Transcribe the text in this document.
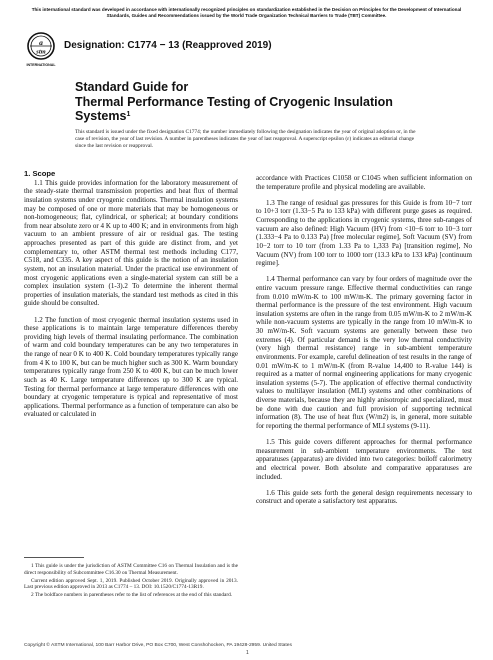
This international standard was developed in accordance with internationally recognized principles on standardization established in the Decision on Principles for the Development of International Standards, Guides and Recommendations issued by the World Trade Organization Technical Barriers to Trade (TBT) Committee.
a
stm
INTERNATIONAL
Designation: C1774 − 13 (Reapproved 2019)
Standard Guide for
Thermal Performance Testing of Cryogenic Insulation
Systems$^1$
This standard is issued under the fixed designation C1774; the number immediately following the designation indicates the year of original adoption or, in the case of revision, the year of last revision. A number in parentheses indicates the year of last reapproval. A superscript epsilon (ε) indicates an editorial change since the last revision or reapproval.

1. Scope

1.1 This guide provides information for the laboratory measurement of the steady-state thermal transmission properties and heat flux of thermal insulation systems under cryogenic conditions. Thermal insulation systems may be composed of one or more materials that may be homogeneous or non-homogeneous; flat, cylindrical, or spherical; at boundary conditions from near absolute zero or 4 K up to 400 K; and in environments from high vacuum to an ambient pressure of air or residual gas. The testing approaches presented as part of this guide are distinct from, and yet complementary to, other ASTM thermal test methods including C177, C518, and C335. A key aspect of this guide is the notion of an insulation system, not an insulation material. Under the practical use environment of most cryogenic applications even a single-material system can still be a complex insulation system (1-3).2 To determine the inherent thermal properties of insulation materials, the standard test methods as cited in this guide should be consulted.

1.2 The function of most cryogenic thermal insulation systems used in these applications is to maintain large temperature differences thereby providing high levels of thermal insulating performance. The combination of warm and cold boundary temperatures can be any two temperatures in the range of near 0 K to 400 K. Cold boundary temperatures typically range from 4 K to 100 K, but can be much higher such as 300 K. Warm boundary temperatures typically range from 250 K to 400 K, but can be much lower such as 40 K. Large temperature differences up to 300 K are typical. Testing for thermal performance at large temperature differences with one boundary at cryogenic temperature is typical and representative of most applications. Thermal performance as a function of temperature can also be evaluated or calculated in

accordance with Practices C1058 or C1045 when sufficient information on the temperature profile and physical modeling are available.

1.3 The range of residual gas pressures for this Guide is from 10−7 torr to 10+3 torr (1.33−5 Pa to 133 kPa) with different purge gases as required. Corresponding to the applications in cryogenic systems, three sub-ranges of vacuum are also defined: High Vacuum (HV) from <10−6 torr to 10−3 torr (1.333−4 Pa to 0.133 Pa) [free molecular regime], Soft Vacuum (SV) from 10−2 torr to 10 torr (from 1.33 Pa to 1,333 Pa) [transition regime], No Vacuum (NV) from 100 torr to 1000 torr (13.3 kPa to 133 kPa) [continuum regime].

1.4 Thermal performance can vary by four orders of magnitude over the entire vacuum pressure range. Effective thermal conductivities can range from 0.010 mW/m-K to 100 mW/m-K. The primary governing factor in thermal performance is the pressure of the test environment. High vacuum insulation systems are often in the range from 0.05 mW/m-K to 2 mW/m-K while non-vacuum systems are typically in the range from 10 mW/m-K to 30 mW/m-K. Soft vacuum systems are generally between these two extremes (4). Of particular demand is the very low thermal conductivity (very high thermal resistance) range in sub-ambient temperature environments. For example, careful delineation of test results in the range of 0.01 mW/m-K to 1 mW/m-K (from R-value 14,400 to R-value 144) is required as a matter of normal engineering applications for many cryogenic insulation systems (5-7). The application of effective thermal conductivity values to multilayer insulation (MLI) systems and other combinations of diverse materials, because they are highly anisotropic and specialized, must be done with due caution and full provision of supporting technical information (8). The use of heat flux (W/m2) is, in general, more suitable for reporting the thermal performance of MLI systems (9-11).

1.5 This guide covers different approaches for thermal performance measurement in sub-ambient temperature environments. The test apparatuses (apparatus) are divided into two categories: boiloff calorimetry and electrical power. Both absolute and comparative apparatuses are included.

1.6 This guide sets forth the general design requirements necessary to construct and operate a satisfactory test apparatus.

1 This guide is under the jurisdiction of ASTM Committee C16 on Thermal Insulation and is the direct responsibility of Subcommittee C16.30 on Thermal Measurement.

Current edition approved Sept. 1, 2019. Published October 2019. Originally approved in 2013. Last previous edition approved in 2013 as C1774 – 13. DOI: 10.1520/C1774-13R19.

2 The boldface numbers in parentheses refer to the list of references at the end of this standard.

Copyright © ASTM International, 100 Barr Harbor Drive, PO Box C700, West Conshohocken, PA 19428-2959. United States
1
